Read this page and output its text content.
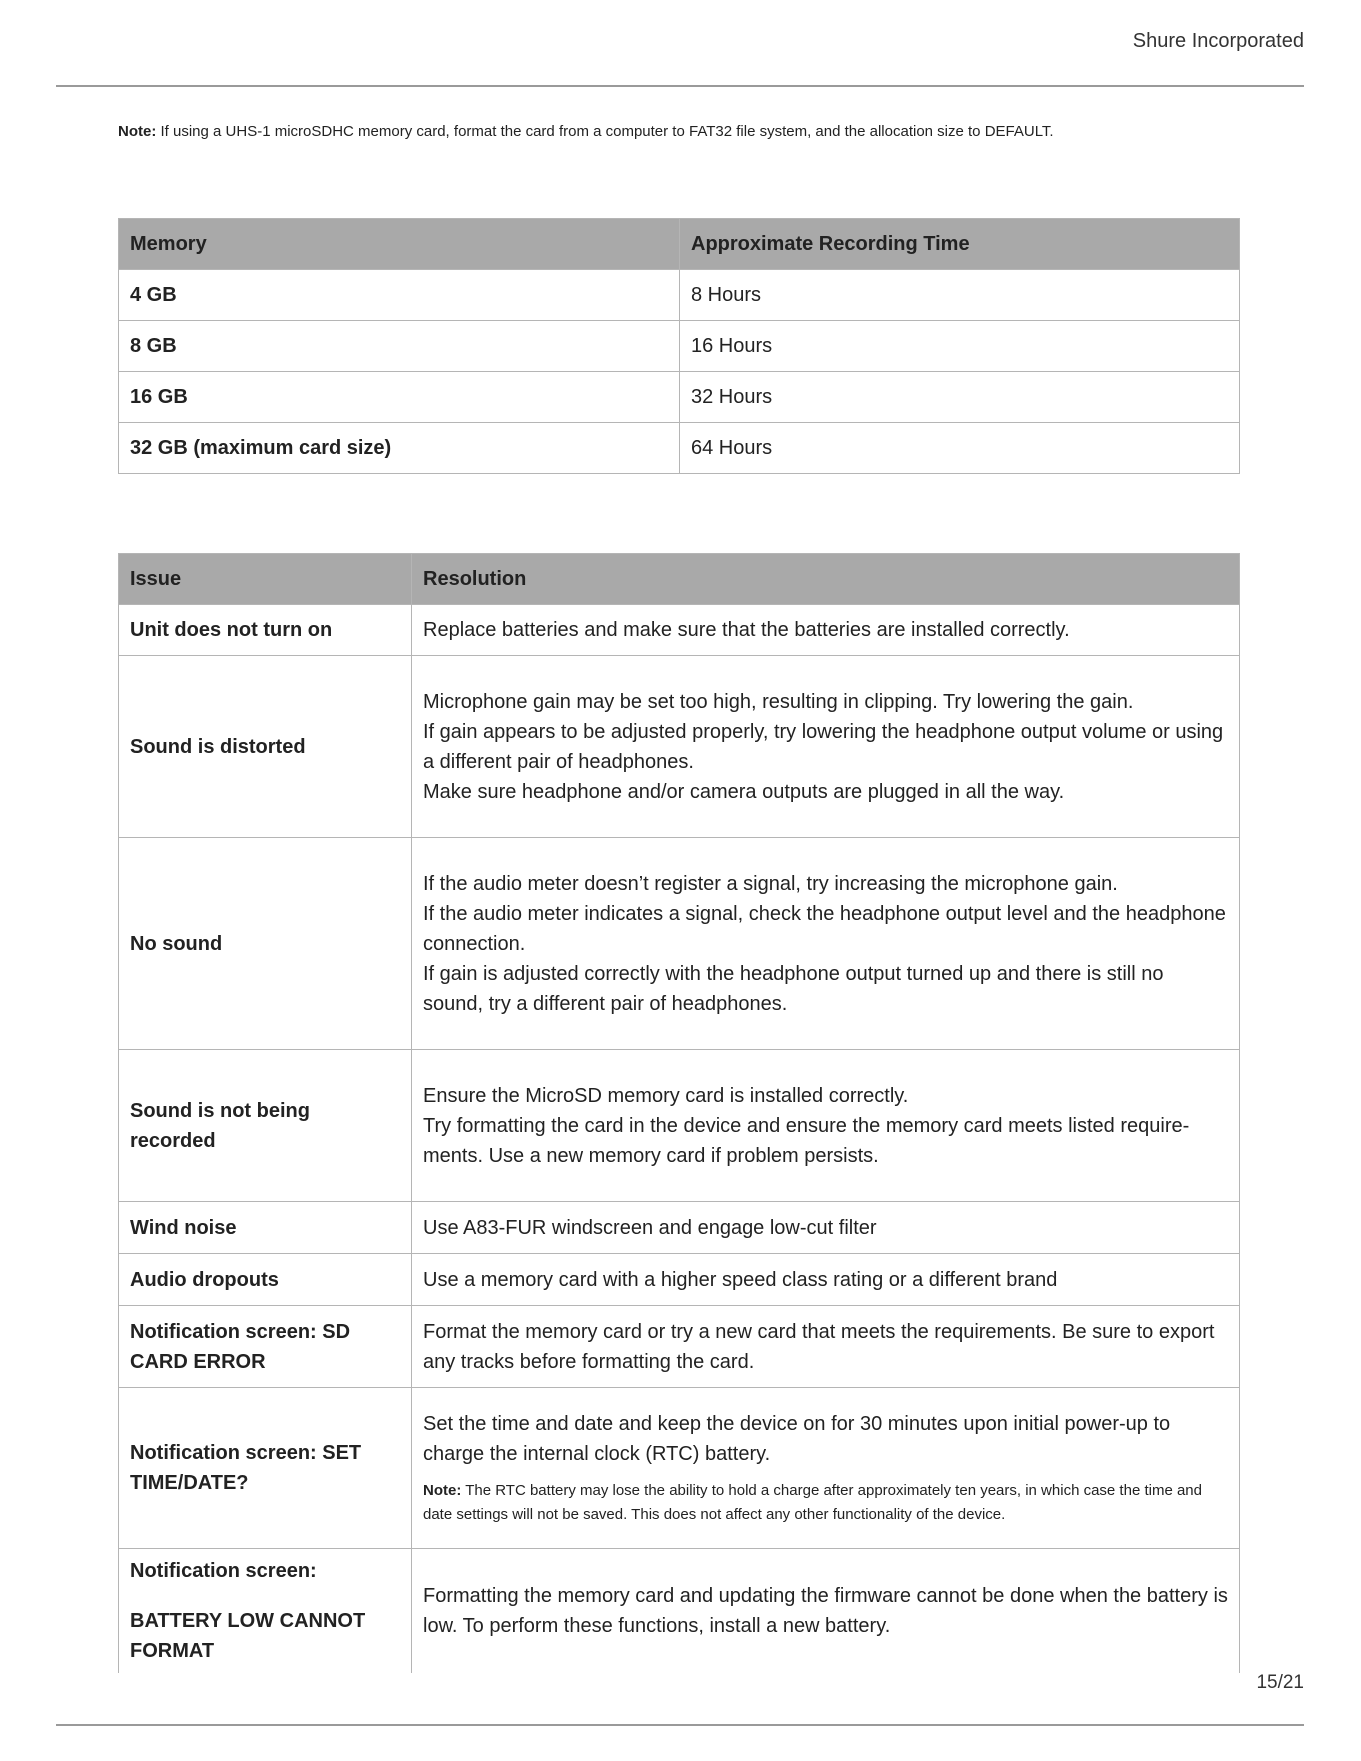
Shure Incorporated
Note: If using a UHS-1 microSDHC memory card, format the card from a computer to FAT32 file system, and the allocation size to DEFAULT.
Memory	Approximate Recording Time
4 GB	8 Hours
8 GB	16 Hours
16 GB	32 Hours
32 GB (maximum card size)	64 Hours
Issue	Resolution
Unit does not turn on	Replace batteries and make sure that the batteries are installed correctly.

Sound is distorted	Microphone gain may be set too high, resulting in clipping. Try lowering the gain.
If gain appears to be adjusted properly, try lowering the headphone output volume or using a different pair of headphones.
Make sure headphone and/or camera outputs are plugged in all the way.

No sound	If the audio meter doesn’t register a signal, try increasing the microphone gain.
If the audio meter indicates a signal, check the headphone output level and the headphone connection.
If gain is adjusted correctly with the headphone output turned up and there is still no sound, try a different pair of headphones.

Sound is not being recorded	Ensure the MicroSD memory card is installed correctly.
Try formatting the card in the device and ensure the memory card meets listed require-ments. Use a new memory card if problem persists.

Wind noise	Use A83-FUR windscreen and engage low-cut filter

Audio dropouts	Use a memory card with a higher speed class rating or a different brand

Notification screen: SD CARD ERROR	Format the memory card or try a new card that meets the requirements. Be sure to export any tracks before formatting the card.

Notification screen: SET TIME/DATE?	Set the time and date and keep the device on for 30 minutes upon initial power-up to charge the internal clock (RTC) battery.
Note: The RTC battery may lose the ability to hold a charge after approximately ten years, in which case the time and date settings will not be saved. This does not affect any other functionality of the device.

Notification screen:
BATTERY LOW CANNOT FORMAT	Formatting the memory card and updating the firmware cannot be done when the battery is low. To perform these functions, install a new battery.
15/21
